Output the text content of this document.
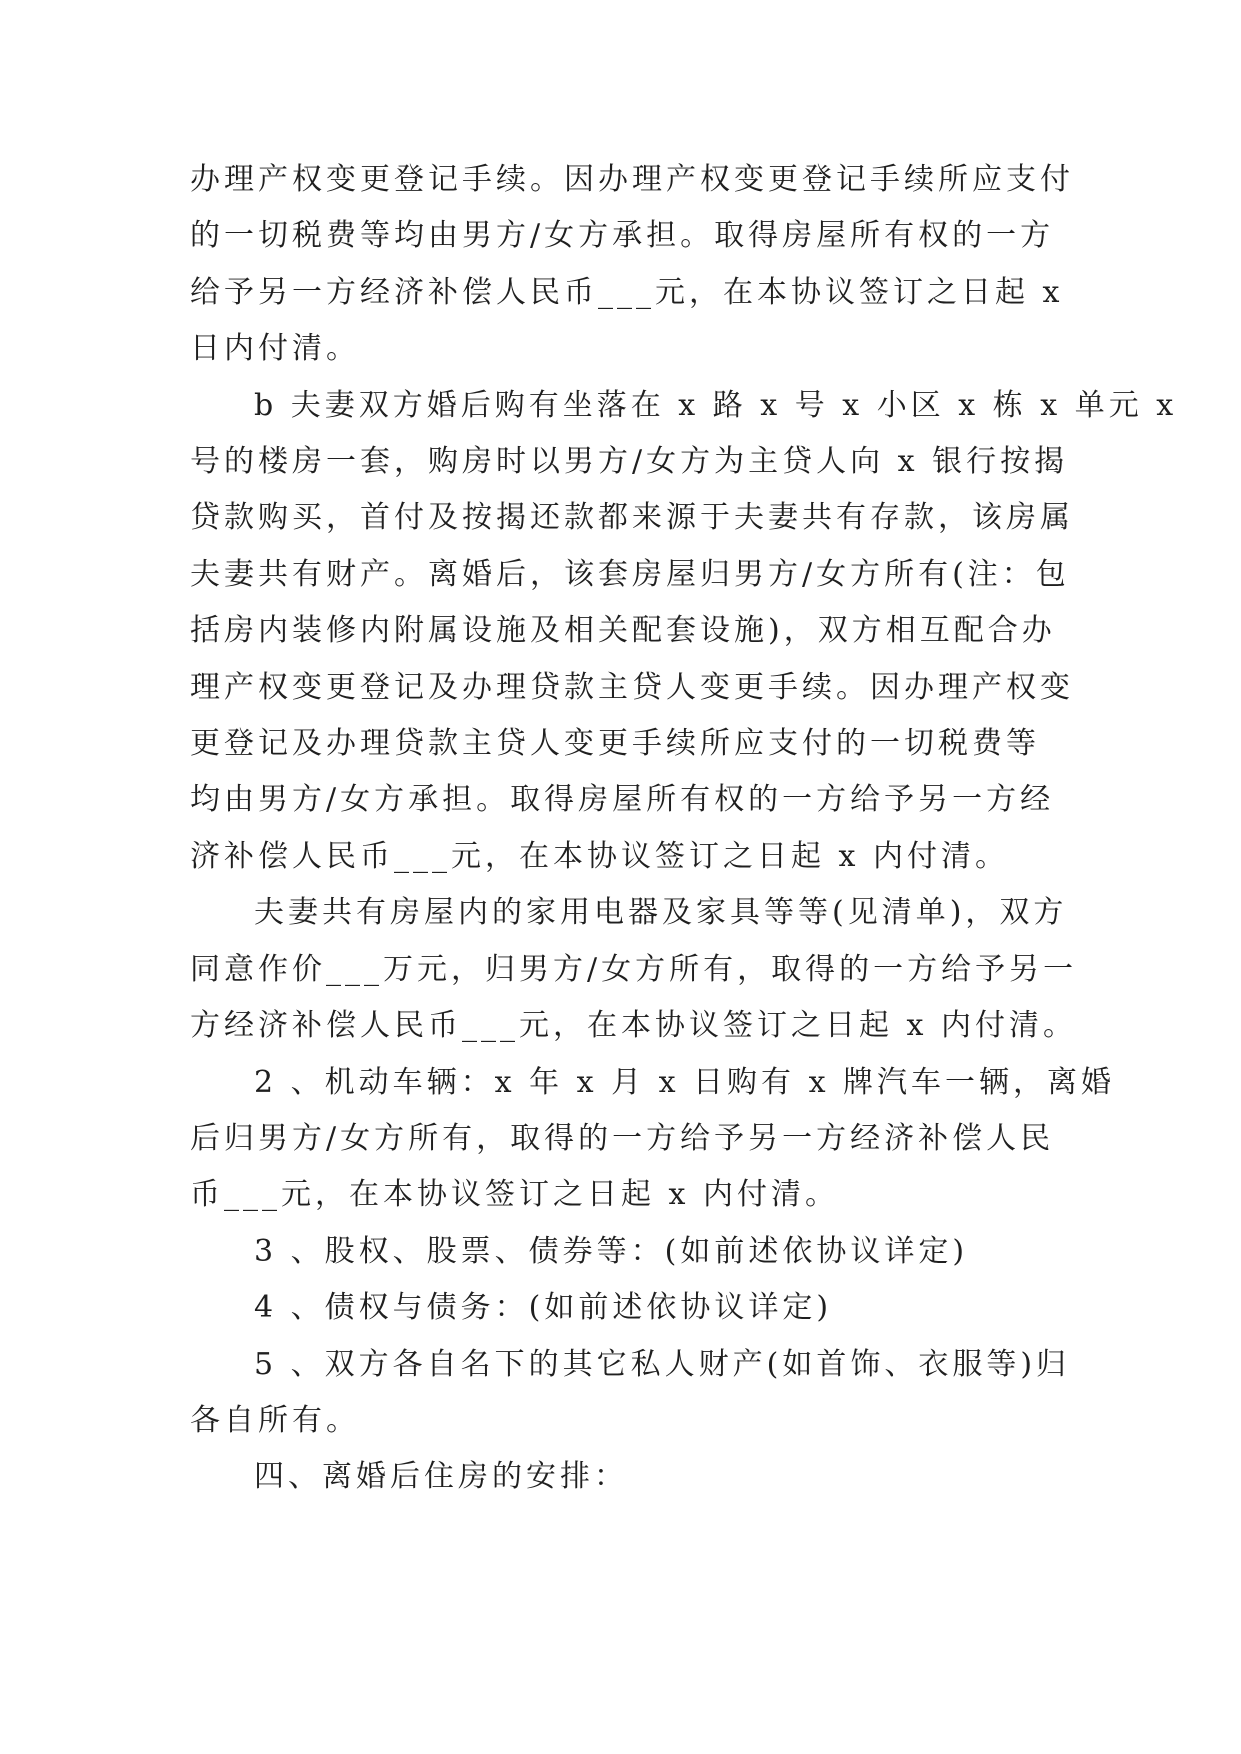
办理产权变更登记手续。因办理产权变更登记手续所应支付
的一切税费等均由男方/女方承担。取得房屋所有权的一方
给予另一方经济补偿人民币___元，在本协议签订之日起 x
日内付清。
b 夫妻双方婚后购有坐落在 x 路 x 号 x 小区 x 栋 x 单元 x
号的楼房一套，购房时以男方/女方为主贷人向 x 银行按揭
贷款购买，首付及按揭还款都来源于夫妻共有存款，该房属
夫妻共有财产。离婚后，该套房屋归男方/女方所有(注：包
括房内装修内附属设施及相关配套设施)，双方相互配合办
理产权变更登记及办理贷款主贷人变更手续。因办理产权变
更登记及办理贷款主贷人变更手续所应支付的一切税费等
均由男方/女方承担。取得房屋所有权的一方给予另一方经
济补偿人民币___元，在本协议签订之日起 x 内付清。
夫妻共有房屋内的家用电器及家具等等(见清单)，双方
同意作价___万元，归男方/女方所有，取得的一方给予另一
方经济补偿人民币___元，在本协议签订之日起 x 内付清。
2 、机动车辆：x 年 x 月 x 日购有 x 牌汽车一辆，离婚
后归男方/女方所有，取得的一方给予另一方经济补偿人民
币___元，在本协议签订之日起 x 内付清。
3 、股权、股票、债券等：(如前述依协议详定)
4 、债权与债务：(如前述依协议详定)
5 、双方各自名下的其它私人财产(如首饰、衣服等)归
各自所有。
四、离婚后住房的安排：
